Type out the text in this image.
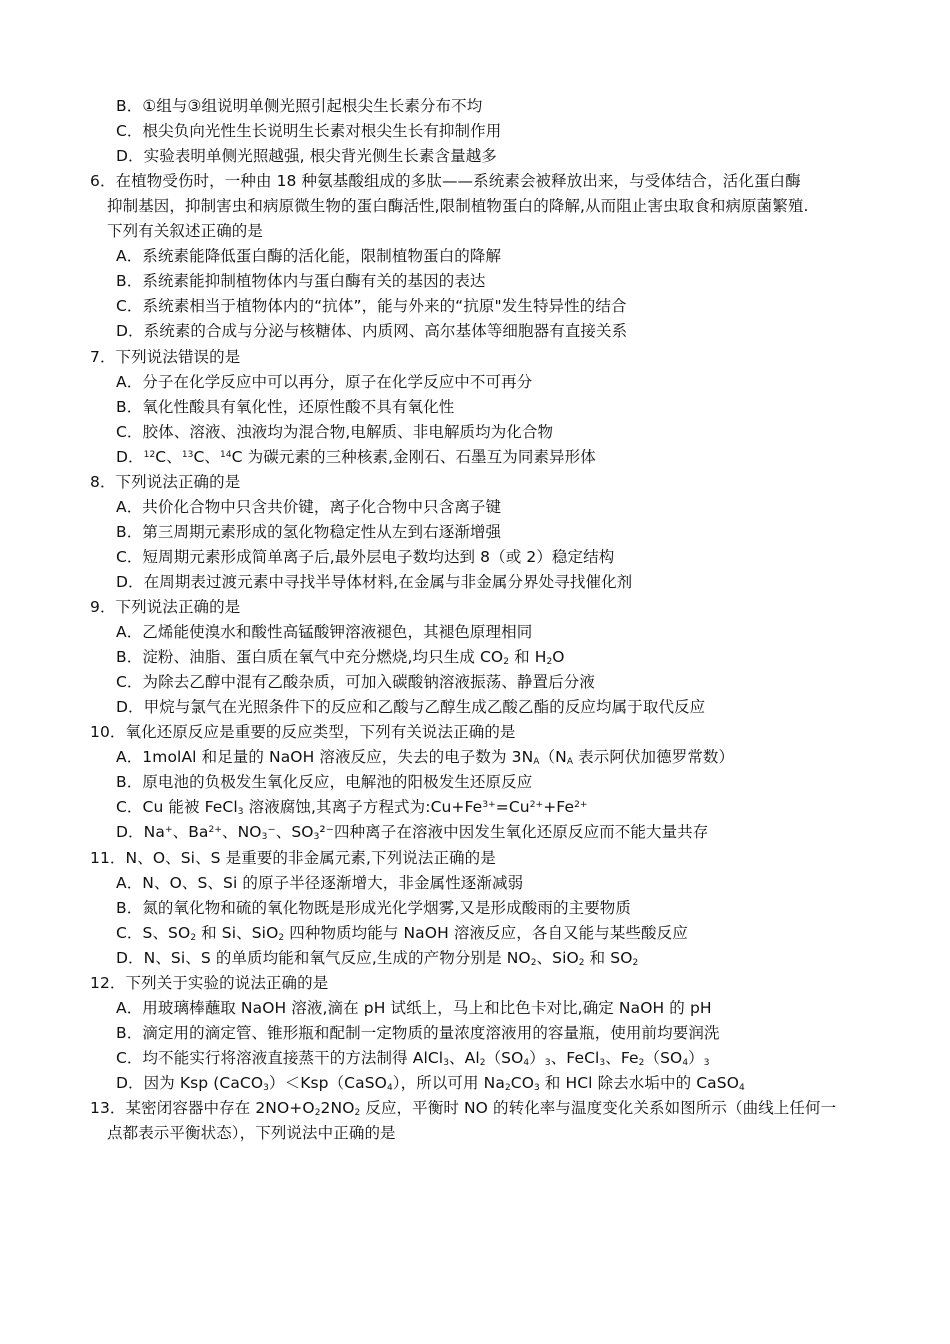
B．①组与③组说明单侧光照引起根尖生长素分布不均
C．根尖负向光性生长说明生长素对根尖生长有抑制作用
D．实验表明单侧光照越强, 根尖背光侧生长素含量越多
6．在植物受伤时，一种由 18 种氨基酸组成的多肽——系统素会被释放出来，与受体结合，活化蛋白酶
抑制基因，抑制害虫和病原微生物的蛋白酶活性,限制植物蛋白的降解,从而阻止害虫取食和病原菌繁殖.
下列有关叙述正确的是
A．系统素能降低蛋白酶的活化能，限制植物蛋白的降解
B．系统素能抑制植物体内与蛋白酶有关的基因的表达
C．系统素相当于植物体内的“抗体”，能与外来的“抗原"发生特异性的结合
D．系统素的合成与分泌与核糖体、内质网、高尔基体等细胞器有直接关系
7．下列说法错误的是
A．分子在化学反应中可以再分，原子在化学反应中不可再分
B．氧化性酸具有氧化性，还原性酸不具有氧化性
C．胶体、溶液、浊液均为混合物,电解质、非电解质均为化合物
D．$^{12}$C、$^{13}$C、$^{14}$C 为碳元素的三种核素,金刚石、石墨互为同素异形体
8．下列说法正确的是
A．共价化合物中只含共价键，离子化合物中只含离子键
B．第三周期元素形成的氢化物稳定性从左到右逐渐增强
C．短周期元素形成简单离子后,最外层电子数均达到 8（或 2）稳定结构
D．在周期表过渡元素中寻找半导体材料,在金属与非金属分界处寻找催化剂
9．下列说法正确的是
A．乙烯能使溴水和酸性高锰酸钾溶液褪色，其褪色原理相同
B．淀粉、油脂、蛋白质在氧气中充分燃烧,均只生成 $CO_2$ 和 $H_2O$
C．为除去乙醇中混有乙酸杂质，可加入碳酸钠溶液振荡、静置后分液
D．甲烷与氯气在光照条件下的反应和乙酸与乙醇生成乙酸乙酯的反应均属于取代反应
10．氧化还原反应是重要的反应类型，下列有关说法正确的是
A．1molAl 和足量的 NaOH 溶液反应，失去的电子数为 $3N_A(N_A$ 表示阿伏加德罗常数）
B．原电池的负极发生氧化反应，电解池的阳极发生还原反应
C．Cu 能被 FeCl$_3$ 溶液腐蚀,其离子方程式为$:Cu+Fe^{3+}=Cu^{2+}+Fe^{2+}$
D．Na+、$Ba^{2+}$、$NO_3^-$、$SO_3^{2-}$四种离子在溶液中因发生氧化还原反应而不能大量共存
11．N、O、Si、S 是重要的非金属元素,下列说法正确的是
A．N、O、S、Si 的原子半径逐渐增大，非金属性逐渐减弱
B．氮的氧化物和硫的氧化物既是形成光化学烟雾,又是形成酸雨的主要物质
C．S、$SO_2$ 和 Si、SiO$_2$ 四种物质均能与 NaOH 溶液反应，各自又能与某些酸反应
D．N、Si、S 的单质均能和氧气反应,生成的产物分别是 $NO_2$、SiO$_2$ 和 $SO_2$
12．下列关于实验的说法正确的是
A．用玻璃棒蘸取 NaOH 溶液,滴在 pH 试纸上，马上和比色卡对比,确定 NaOH 的 pH
B．滴定用的滴定管、锥形瓶和配制一定物质的量浓度溶液用的容量瓶，使用前均要润洗
C．均不能实行将溶液直接蒸干的方法制得 AlCl$_3$、$Al_2(SO_4)_3$、FeCl$_3$、$Fe_2(SO_4)_3$
D．因为 Ksp (CaCO$_3$）＜Ksp（CaSO$_4$），所以可用 $Na_2CO_3$ 和 HCl 除去水垢中的 CaSO$_4$
13．某密闭容器中存在 $2NO+O_22NO_2$ 反应，平衡时 NO 的转化率与温度变化关系如图所示（曲线上任何一
点都表示平衡状态），下列说法中正确的是
